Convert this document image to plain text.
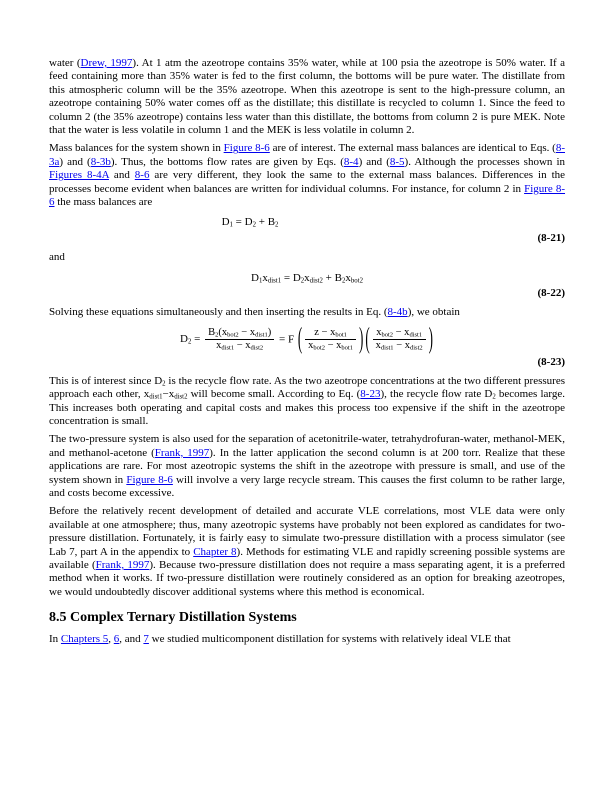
water (Drew, 1997). At 1 atm the azeotrope contains 35% water, while at 100 psia the azeotrope is 50% water. If a feed containing more than 35% water is fed to the first column, the bottoms will be pure water. The distillate from this atmospheric column will be the 35% azeotrope. When this azeotrope is sent to the high-pressure column, an azeotrope containing 50% water comes off as the distillate; this distillate is recycled to column 1. Since the feed to column 2 (the 35% azeotrope) contains less water than this distillate, the bottoms from column 2 is pure MEK. Note that the water is less volatile in column 1 and the MEK is less volatile in column 2.

Mass balances for the system shown in Figure 8-6 are of interest. The external mass balances are identical to Eqs. (8-3a) and (8-3b). Thus, the bottoms flow rates are given by Eqs. (8-4) and (8-5). Although the processes shown in Figures 8-4A and 8-6 are very different, they look the same to the external mass balances. Differences in the processes become evident when balances are written for individual columns. For instance, for column 2 in Figure 8-6 the mass balances are

$D_1 = D_2 + B_2$
(8-21)

and

$D_1x_{dist1} = D_2x_{dist2} + B_2x_{bot2}$
(8-22)

Solving these equations simultaneously and then inserting the results in Eq. (8-4b), we obtain

$D_2 = \frac{B_2(x_{bot2} - x_{dist1})}{x_{dist1} - x_{dist2}} = F$ ( $\frac{z - x_{bot1}}{x_{bot2} - x_{bot1}}$ ) ( $\frac{x_{bot2} - x_{dist1}}{x_{dist1} - x_{dist2}}$ )
(8-23)

This is of interest since $D_2$ is the recycle flow rate. As the two azeotrope concentrations at the two different pressures approach each other, $x_{dist1}-x_{dist2}$ will become small. According to Eq. (8-23), the recycle flow rate $D_2$ becomes large. This increases both operating and capital costs and makes this process too expensive if the shift in the azeotrope concentration is small.

The two-pressure system is also used for the separation of acetonitrile-water, tetrahydrofuran-water, methanol-MEK, and methanol-acetone (Frank, 1997). In the latter application the second column is at 200 torr. Realize that these applications are rare. For most azeotropic systems the shift in the azeotrope with pressure is small, and use of the system shown in Figure 8-6 will involve a very large recycle stream. This causes the first column to be rather large, and costs become excessive.

Before the relatively recent development of detailed and accurate VLE correlations, most VLE data were only available at one atmosphere; thus, many azeotropic systems have probably not been explored as candidates for two-pressure distillation. Fortunately, it is fairly easy to simulate two-pressure distillation with a process simulator (see Lab 7, part A in the appendix to Chapter 8). Methods for estimating VLE and rapidly screening possible systems are available (Frank, 1997). Because two-pressure distillation does not require a mass separating agent, it is a preferred method when it works. If two-pressure distillation were routinely considered as an option for breaking azeotropes, we would undoubtedly discover additional systems where this method is economical.

8.5 Complex Ternary Distillation Systems

In Chapters 5, 6, and 7 we studied multicomponent distillation for systems with relatively ideal VLE that
